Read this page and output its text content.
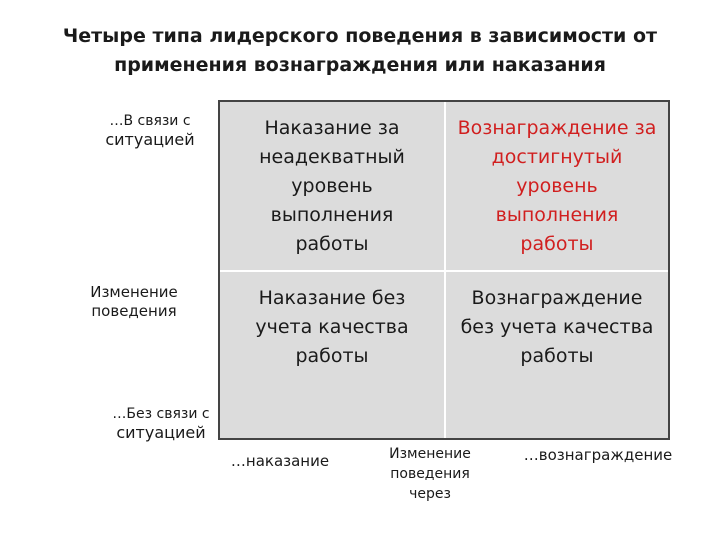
Четыре типа лидерского поведения в зависимости от
применения вознаграждения или наказания
…В связи с
ситуацией
Изменение
поведения
…Без связи с
ситуацией
Наказание за
неадекватный
уровень
выполнения
работы
Вознаграждение за
достигнутый
уровень
выполнения
работы
Наказание без
учета качества
работы
Вознаграждение
без учета качества
работы
…наказание	Изменение
поведения
через
…вознаграждение
